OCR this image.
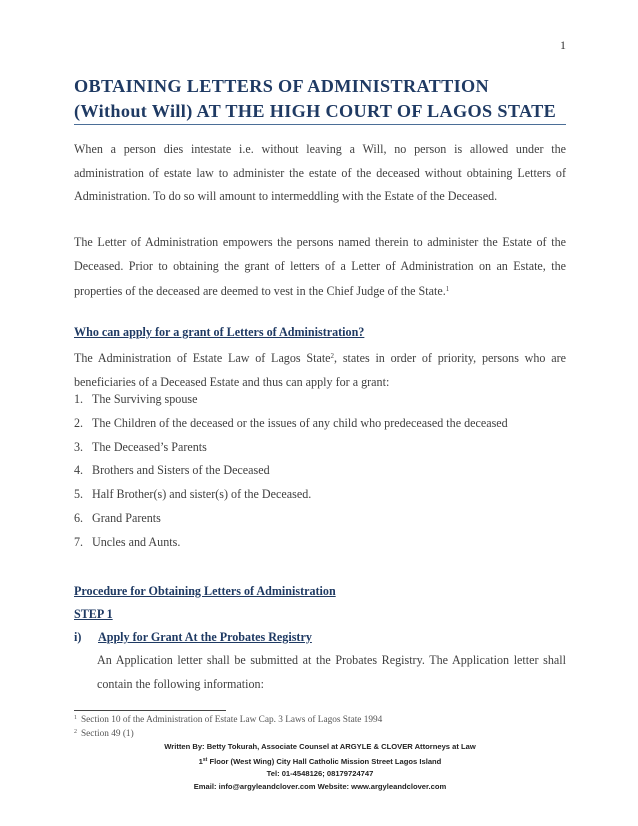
1
OBTAINING LETTERS OF ADMINISTRATTION (Without Will) AT THE HIGH COURT OF LAGOS STATE

When a person dies intestate i.e. without leaving a Will, no person is allowed under the administration of estate law to administer the estate of the deceased without obtaining Letters of Administration. To do so will amount to intermeddling with the Estate of the Deceased.

The Letter of Administration empowers the persons named therein to administer the Estate of the Deceased. Prior to obtaining the grant of letters of a Letter of Administration on an Estate, the properties of the deceased are deemed to vest in the Chief Judge of the State.$^1$

Who can apply for a grant of Letters of Administration?

The Administration of Estate Law of Lagos State$^2$, states in order of priority, persons who are beneficiaries of a Deceased Estate and thus can apply for a grant:

1. The Surviving spouse
2. The Children of the deceased or the issues of any child who predeceased the deceased
3. The Deceased’s Parents
4. Brothers and Sisters of the Deceased
5. Half Brother(s) and sister(s) of the Deceased.
6. Grand Parents
7. Uncles and Aunts.
Procedure for Obtaining Letters of Administration
STEP 1
i) Apply for Grant At the Probates Registry

An Application letter shall be submitted at the Probates Registry. The Application letter shall contain the following information:

$^1$ Section 10 of the Administration of Estate Law Cap. 3 Laws of Lagos State 1994
$^2$ Section 49 (1)
Written By: Betty Tokurah, Associate Counsel at ARGYLE & CLOVER Attorneys at Law
1st Floor (West Wing) City Hall Catholic Mission Street Lagos Island
Tel: 01-4548126; 08179724747
Email: info@argyleandclover.com Website: www.argyleandclover.com
